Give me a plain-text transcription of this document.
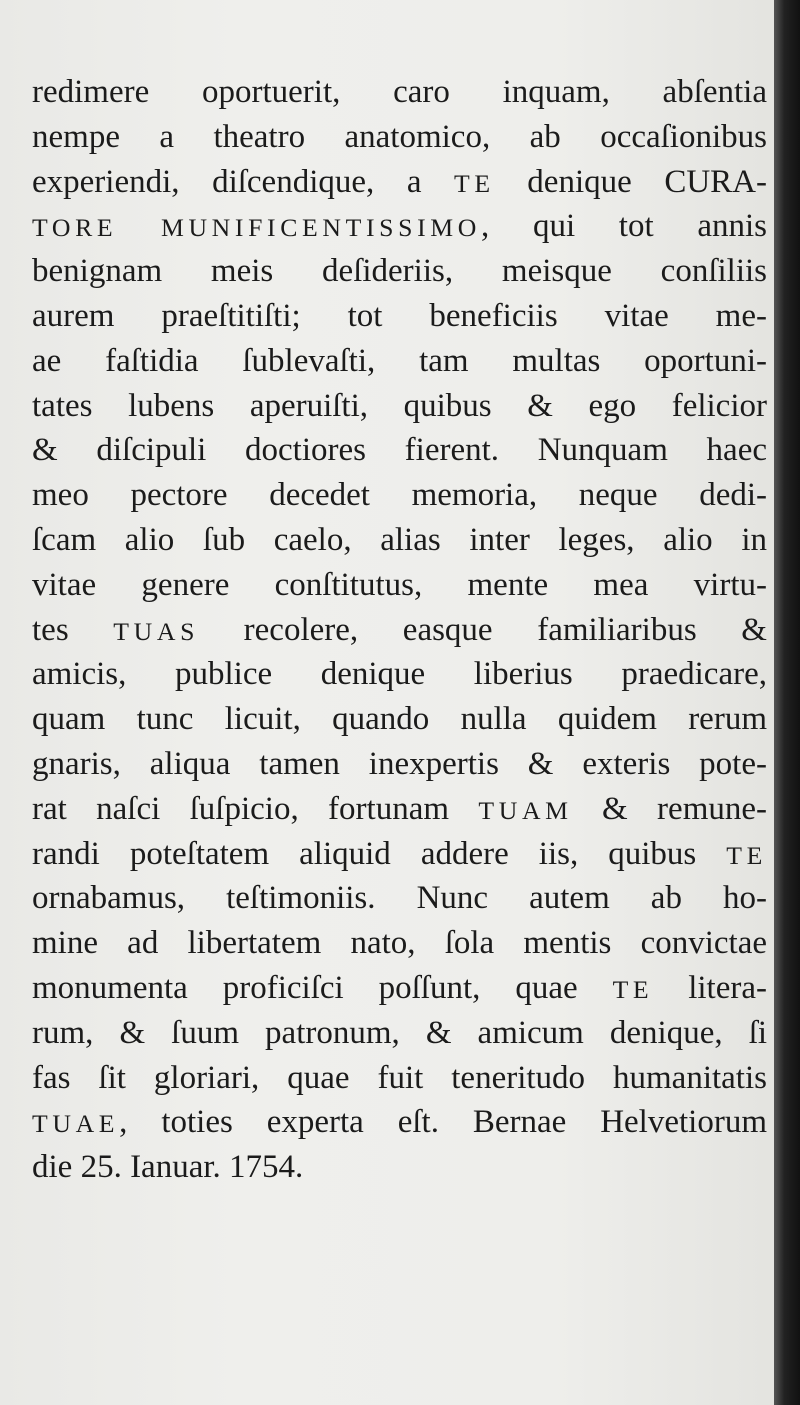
redimere oportuerit, caro inquam, abſentia
nempe a theatro anatomico, ab occaſionibus
experiendi, diſcendique, a TE denique CURA-
TORE MUNIFICENTISSIMO, qui tot annis
benignam meis deſideriis, meisque conſiliis
aurem praeſtitiſti; tot beneficiis vitae me-
ae faſtidia ſublevaſti, tam multas oportuni-
tates lubens aperuiſti, quibus & ego felicior
& diſcipuli doctiores fierent. Nunquam haec
meo pectore decedet memoria, neque dedi-
ſcam alio ſub caelo, alias inter leges, alio in
vitae genere conſtitutus, mente mea virtu-
tes TUAS recolere, easque familiaribus &
amicis, publice denique liberius praedicare,
quam tunc licuit, quando nulla quidem rerum
gnaris, aliqua tamen inexpertis & exteris pote-
rat naſci ſuſpicio, fortunam TUAM & remune-
randi poteſtatem aliquid addere iis, quibus TE
ornabamus, teſtimoniis. Nunc autem ab ho-
mine ad libertatem nato, ſola mentis convictae
monumenta proficiſci poſſunt, quae TE litera-
rum, & ſuum patronum, & amicum denique, ſi
fas ſit gloriari, quae fuit teneritudo humanitatis
TUAE, toties experta eſt. Bernae Helvetiorum
die 25. Ianuar. 1754.
